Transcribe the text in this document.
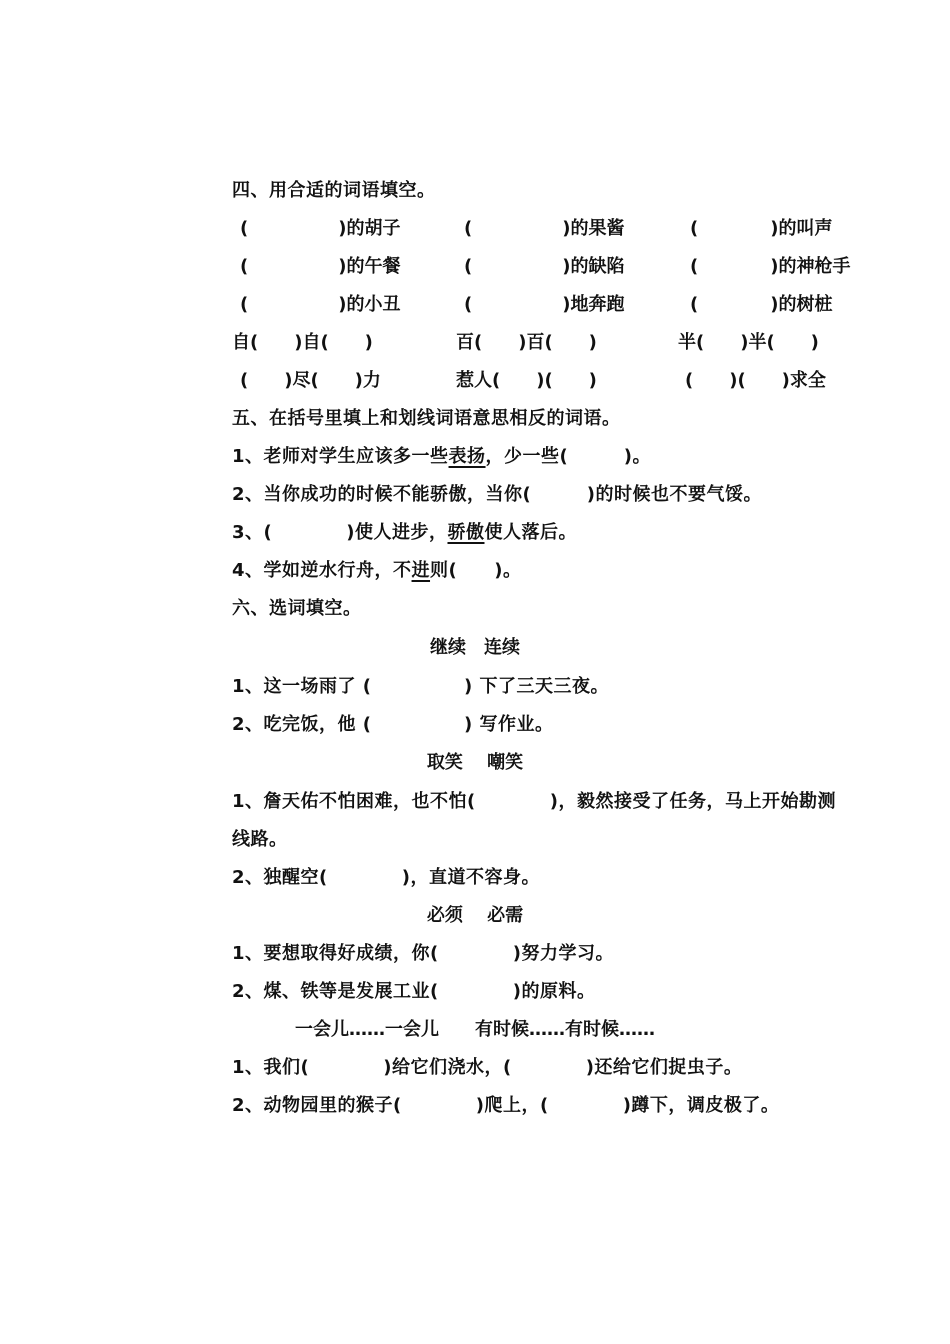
四、用合适的词语填空。
(　　　　　)的胡子	(　　　　　)的果酱	(　　　　)的叫声
(　　　　　)的午餐	(　　　　　)的缺陷	(　　　　)的神枪手
(　　　　　)的小丑	(　　　　　)地奔跑	(　　　　)的树桩
自(　　)自(　　)	百(　　)百(　　)	半(　　)半(　　)
(　　)尽(　　)力	惹人(　　)(　　)	(　　)(　　)求全
五、在括号里填上和划线词语意思相反的词语。
1、老师对学生应该多一些表扬，少一些(　　　)。
2、当你成功的时候不能骄傲，当你(　　　)的时候也不要气馁。
3、(　　　　)使人进步，骄傲使人落后。
4、学如逆水行舟，不进则(　　)。
六、选词填空。
继续　连续
1、这一场雨了 (　　　　　) 下了三天三夜。
2、吃完饭，他 (　　　　　) 写作业。
取笑　 嘲笑
1、詹天佑不怕困难，也不怕(　　　　)，毅然接受了任务，马上开始勘测
线路。
2、独醒空(　　　　)，直道不容身。
必须　 必需
1、要想取得好成绩，你(　　　　)努力学习。
2、煤、铁等是发展工业(　　　　)的原料。
一会儿……一会儿　　有时候……有时候……
1、我们(　　　　)给它们浇水，(　　　　)还给它们捉虫子。
2、动物园里的猴子(　　　　)爬上，(　　　　)蹲下，调皮极了。
